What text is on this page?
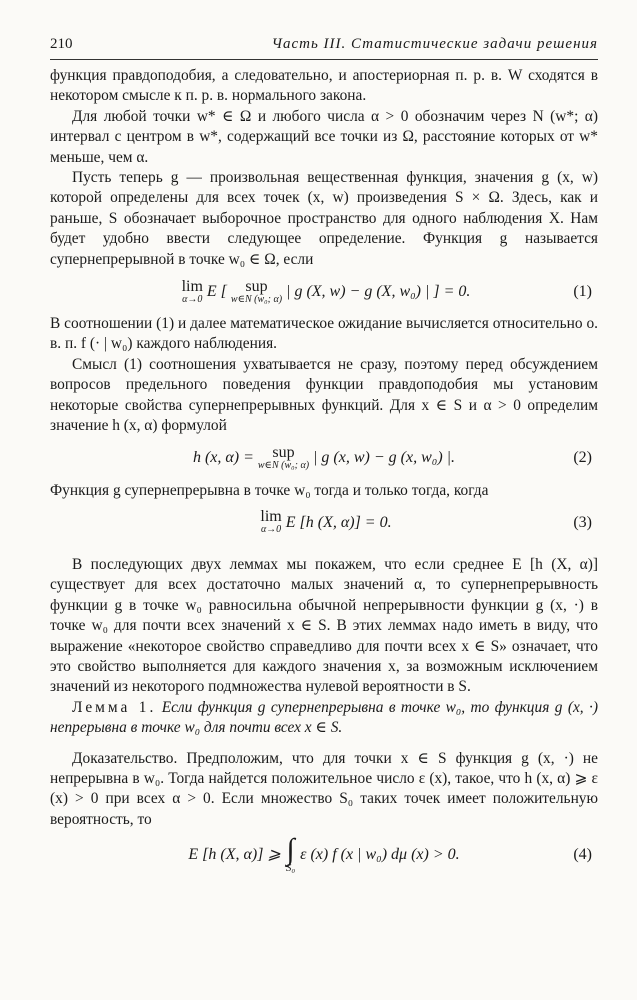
210	Часть III. Статистические задачи решения

функция правдоподобия, а следовательно, и апостериорная п. р. в. W сходятся в некотором смысле к п. р. в. нормального закона.

Для любой точки w* ∈ Ω и любого числа α > 0 обозначим через N (w*; α) интервал с центром в w*, содержащий все точки из Ω, расстояние которых от w* меньше, чем α.

Пусть теперь g — произвольная вещественная функция, значения g (x, w) которой определены для всех точек (x, w) произведения S × Ω. Здесь, как и раньше, S обозначает выборочное пространство для одного наблюдения X. Нам будет удобно ввести следующее определение. Функция g называется супернепрерывной в точке w₀ ∈ Ω, если

lim
α→0 E [ sup
w∈N (w₀; α) | g (X, w) − g (X, w₀) | ] = 0.	(1)

В соотношении (1) и далее математическое ожидание вычисляется относительно о. в. п. f (· | w₀) каждого наблюдения.

Смысл (1) соотношения ухватывается не сразу, поэтому перед обсуждением вопросов предельного поведения функции правдоподобия мы установим некоторые свойства супернепрерывных функций. Для x ∈ S и α > 0 определим значение h (x, α) формулой

h (x, α) = sup
w∈N (w₀; α) | g (x, w) − g (x, w₀) |.	(2)

Функция g супернепрерывна в точке w₀ тогда и только тогда, когда

lim
α→0 E [h (X, α)] = 0.	(3)

В последующих двух леммах мы покажем, что если среднее E [h (X, α)] существует для всех достаточно малых значений α, то супернепрерывность функции g в точке w₀ равносильна обычной непрерывности функции g (x, ·) в точке w₀ для почти всех значений x ∈ S. В этих леммах надо иметь в виду, что выражение «некоторое свойство справедливо для почти всех x ∈ S» означает, что это свойство выполняется для каждого значения x, за возможным исключением значений из некоторого подмножества нулевой вероятности в S.

Лемма 1. Если функция g супернепрерывна в точке w₀, то функция g (x, ·) непрерывна в точке w₀ для почти всех x ∈ S.

Доказательство. Предположим, что для точки x ∈ S функция g (x, ·) не непрерывна в w₀. Тогда найдется положительное число ε (x), такое, что h (x, α) ⩾ ε (x) > 0 при всех α > 0. Если множество S₀ таких точек имеет положительную вероятность, то

E [h (X, α)] ⩾ ∫
S₀
ε (x) f (x | w₀) dμ (x) > 0.	(4)
